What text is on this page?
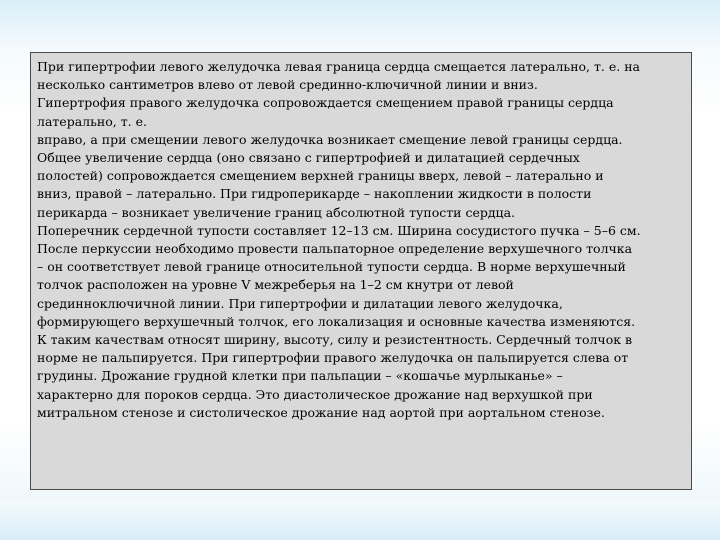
При гипертрофии левого желудочка левая граница сердца смещается латерально, т. е. на
несколько сантиметров влево от левой срединно-ключичной линии и вниз.
Гипертрофия правого желудочка сопровождается смещением правой границы сердца
латерально, т. е.
вправо, а при смещении левого желудочка возникает смещение левой границы сердца.
Общее увеличение сердца (оно связано с гипертрофией и дилатацией сердечных
полостей) сопровождается смещением верхней границы вверх, левой – латерально и
вниз, правой – латерально. При гидроперикарде – накоплении жидкости в полости
перикарда – возникает увеличение границ абсолютной тупости сердца.
Поперечник сердечной тупости составляет 12–13 см. Ширина сосудистого пучка – 5–6 см.
После перкуссии необходимо провести пальпаторное определение верхушечного толчка
– он соответствует левой границе относительной тупости сердца. В норме верхушечный
толчок расположен на уровне V межреберья на 1–2 см кнутри от левой
срединноключичной линии. При гипертрофии и дилатации левого желудочка,
формирующего верхушечный толчок, его локализация и основные качества изменяются.
К таким качествам относят ширину, высоту, силу и резистентность. Сердечный толчок в
норме не пальпируется. При гипертрофии правого желудочка он пальпируется слева от
грудины. Дрожание грудной клетки при пальпации – «кошачье мурлыканье» –
характерно для пороков сердца. Это диастолическое дрожание над верхушкой при
митральном стенозе и систолическое дрожание над аортой при аортальном стенозе.
